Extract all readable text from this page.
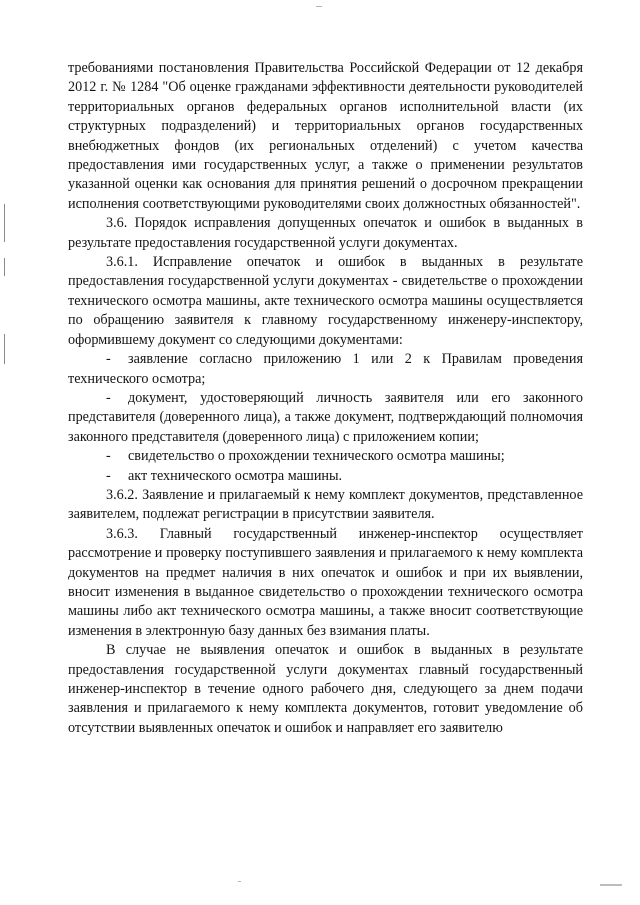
требованиями постановления Правительства Российской Федерации от 12 декабря 2012 г. № 1284 "Об оценке гражданами эффективности деятельности руководителей территориальных органов федеральных органов исполнительной власти (их структурных подразделений) и территориальных органов государственных внебюджетных фондов (их региональных отделений) с учетом качества предоставления ими государственных услуг, а также о применении результатов указанной оценки как основания для принятия решений о досрочном прекращении исполнения соответствующими руководителями своих должностных обязанностей".

3.6. Порядок исправления допущенных опечаток и ошибок в выданных в результате предоставления государственной услуги документах.

3.6.1. Исправление опечаток и ошибок в выданных в результате предоставления государственной услуги документах - свидетельстве о прохождении технического осмотра машины, акте технического осмотра машины осуществляется по обращению заявителя к главному государственному инженеру-инспектору, оформившему документ со следующими документами:

- заявление согласно приложению 1 или 2 к Правилам проведения технического осмотра;

- документ, удостоверяющий личность заявителя или его законного представителя (доверенного лица), а также документ, подтверждающий полномочия законного представителя (доверенного лица) с приложением копии;

- свидетельство о прохождении технического осмотра машины;

- акт технического осмотра машины.

3.6.2. Заявление и прилагаемый к нему комплект документов, представленное заявителем, подлежат регистрации в присутствии заявителя.

3.6.3. Главный государственный инженер-инспектор осуществляет рассмотрение и проверку поступившего заявления и прилагаемого к нему комплекта документов на предмет наличия в них опечаток и ошибок и при их выявлении, вносит изменения в выданное свидетельство о прохождении технического осмотра машины либо акт технического осмотра машины, а также вносит соответствующие изменения в электронную базу данных без взимания платы.

В случае не выявления опечаток и ошибок в выданных в результате предоставления государственной услуги документах главный государственный инженер-инспектор в течение одного рабочего дня, следующего за днем подачи заявления и прилагаемого к нему комплекта документов, готовит уведомление об отсутствии выявленных опечаток и ошибок и направляет его заявителю
